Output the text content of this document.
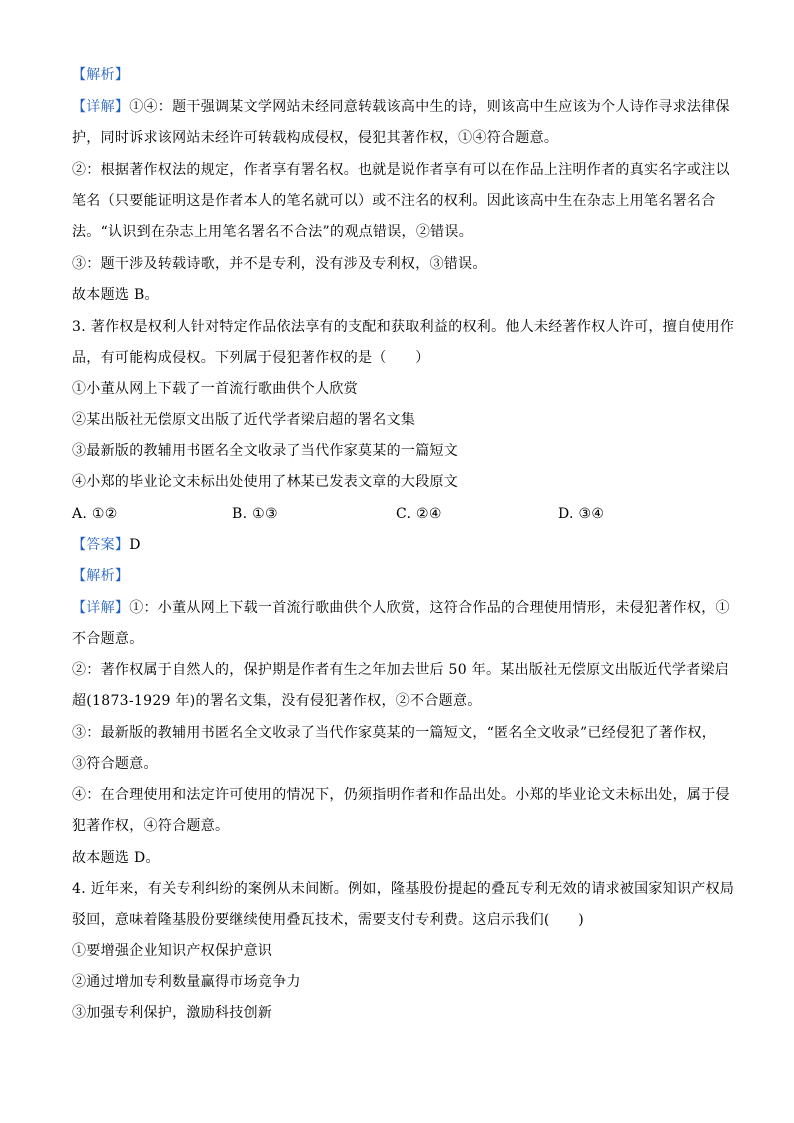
【解析】
【详解】①④：题干强调某文学网站未经同意转载该高中生的诗，则该高中生应该为个人诗作寻求法律保
护，同时诉求该网站未经许可转载构成侵权，侵犯其著作权，①④符合题意。
②：根据著作权法的规定，作者享有署名权。也就是说作者享有可以在作品上注明作者的真实名字或注以
笔名（只要能证明这是作者本人的笔名就可以）或不注名的权利。因此该高中生在杂志上用笔名署名合
法。“认识到在杂志上用笔名署名不合法”的观点错误，②错误。
③：题干涉及转载诗歌，并不是专利，没有涉及专利权，③错误。
故本题选 B。
3. 著作权是权利人针对特定作品依法享有的支配和获取利益的权利。他人未经著作权人许可，擅自使用作
品，有可能构成侵权。下列属于侵犯著作权的是（　　）
①小董从网上下载了一首流行歌曲供个人欣赏
②某出版社无偿原文出版了近代学者梁启超的署名文集
③最新版的教辅用书匿名全文收录了当代作家莫某的一篇短文
④小郑的毕业论文未标出处使用了林某已发表文章的大段原文
A. ①②	B. ①③	C. ②④	D. ③④
【答案】D
【解析】
【详解】①：小董从网上下载一首流行歌曲供个人欣赏，这符合作品的合理使用情形，未侵犯著作权，①
不合题意。
②：著作权属于自然人的，保护期是作者有生之年加去世后 50 年。某出版社无偿原文出版近代学者梁启
超(1873-1929 年)的署名文集，没有侵犯著作权，②不合题意。
③：最新版的教辅用书匿名全文收录了当代作家莫某的一篇短文，“匿名全文收录”已经侵犯了著作权，
③符合题意。
④：在合理使用和法定许可使用的情况下，仍须指明作者和作品出处。小郑的毕业论文未标出处，属于侵
犯著作权，④符合题意。
故本题选 D。
4. 近年来，有关专利纠纷的案例从未间断。例如，隆基股份提起的叠瓦专利无效的请求被国家知识产权局
驳回，意味着隆基股份要继续使用叠瓦技术，需要支付专利费。这启示我们(　　)
①要增强企业知识产权保护意识
②通过增加专利数量赢得市场竞争力
③加强专利保护，激励科技创新
